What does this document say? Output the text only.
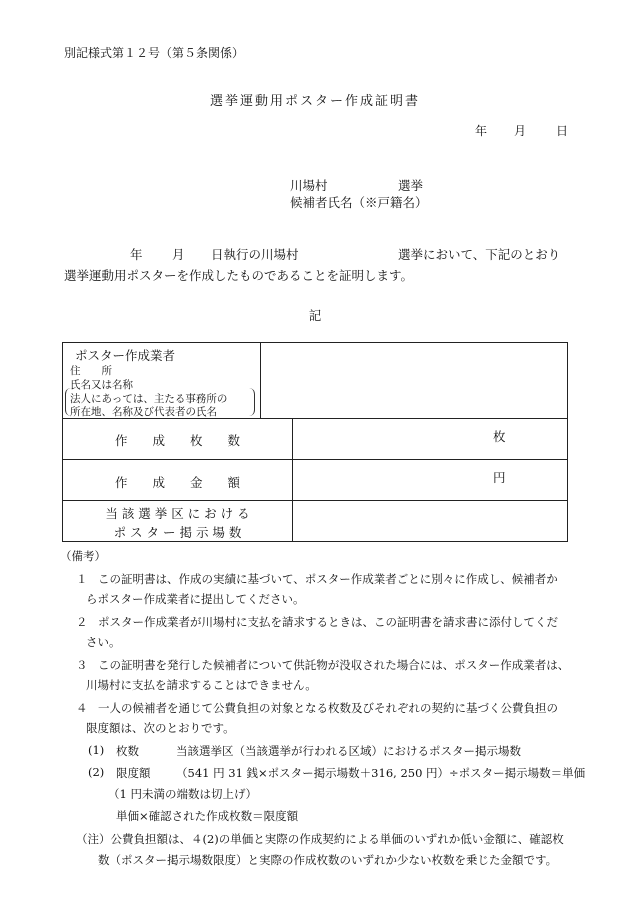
別記様式第１２号（第５条関係）
選挙運動用ポスター作成証明書
年 月 日
川場村	選挙
候補者氏名（※戸籍名）
年 月 日執行の川場村	選挙において、下記のとおり
選挙運動用ポスターを作成したものであることを証明します。
記
ポスター作成業者
住　　所
氏名又は名称
法人にあっては、主たる事務所の
所在地、名称及び代表者の氏名
作　　成　　枚　　数	枚
作　　成　　金　　額	円
当 該 選 挙 区 に お け る
ポ ス タ ー 掲 示 場 数
（備考）
１ この証明書は、作成の実績に基づいて、ポスター作成業者ごとに別々に作成し、候補者か
らポスター作成業者に提出してください。
２ ポスター作成業者が川場村に支払を請求するときは、この証明書を請求書に添付してくだ
さい。
３ この証明書を発行した候補者について供託物が没収された場合には、ポスター作成業者は、
川場村に支払を請求することはできません。
４ 一人の候補者を通じて公費負担の対象となる枚数及びそれぞれの契約に基づく公費負担の
限度額は、次のとおりです。
(1) 枚数	当該選挙区（当該選挙が行われる区域）におけるポスター掲示場数
(2) 限度額 （541 円 31 銭×ポスター掲示場数＋316, 250 円）÷ポスター掲示場数＝単価
（1 円未満の端数は切上げ）
単価×確認された作成枚数＝限度額
（注）公費負担額は、４(2)の単価と実際の作成契約による単価のいずれか低い金額に、確認枚
数（ポスター掲示場数限度）と実際の作成枚数のいずれか少ない枚数を乗じた金額です。
